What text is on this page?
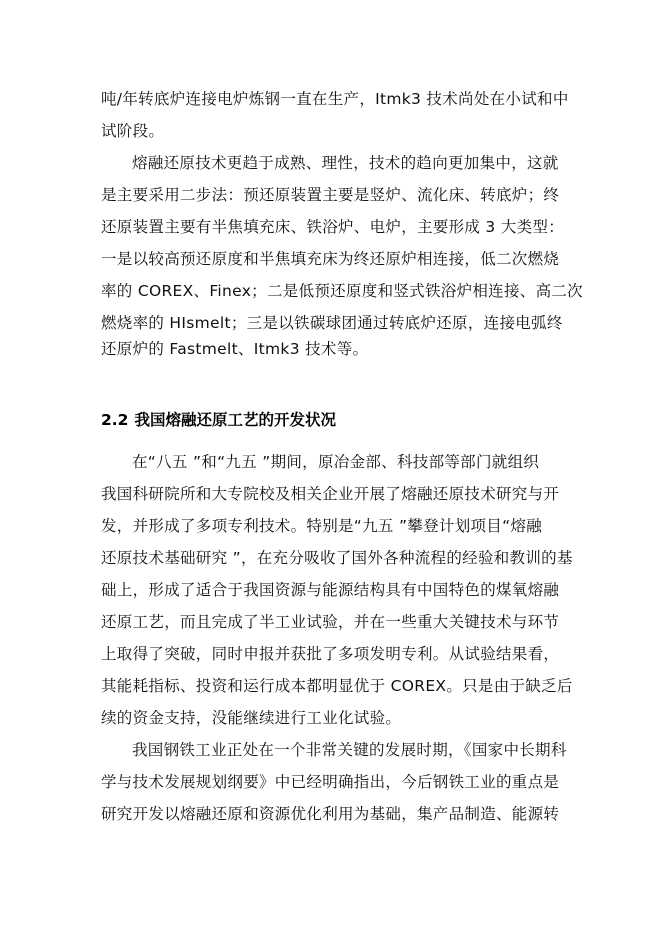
吨/年转底炉连接电炉炼钢一直在生产，Itmk3 技术尚处在小试和中

试阶段。

熔融还原技术更趋于成熟、理性，技术的趋向更加集中，这就

是主要采用二步法：预还原装置主要是竖炉、流化床、转底炉；终

还原装置主要有半焦填充床、铁浴炉、电炉，主要形成 3 大类型：

一是以较高预还原度和半焦填充床为终还原炉相连接，低二次燃烧

率的 COREX、Finex；二是低预还原度和竖式铁浴炉相连接、高二次

燃烧率的 HIsmelt；三是以铁碳球团通过转底炉还原，连接电弧终

还原炉的 Fastmelt、Itmk3 技术等。

2.2 我国熔融还原工艺的开发状况

在“八五 ”和“九五 ”期间，原冶金部、科技部等部门就组织

我国科研院所和大专院校及相关企业开展了熔融还原技术研究与开

发，并形成了多项专利技术。特别是“九五 ”攀登计划项目“熔融

还原技术基础研究 ”，在充分吸收了国外各种流程的经验和教训的基

础上，形成了适合于我国资源与能源结构具有中国特色的煤氧熔融

还原工艺，而且完成了半工业试验，并在一些重大关键技术与环节

上取得了突破，同时申报并获批了多项发明专利。从试验结果看，

其能耗指标、投资和运行成本都明显优于 COREX。只是由于缺乏后

续的资金支持，没能继续进行工业化试验。

我国钢铁工业正处在一个非常关键的发展时期，《国家中长期科

学与技术发展规划纲要》中已经明确指出，今后钢铁工业的重点是

研究开发以熔融还原和资源优化利用为基础，集产品制造、能源转
